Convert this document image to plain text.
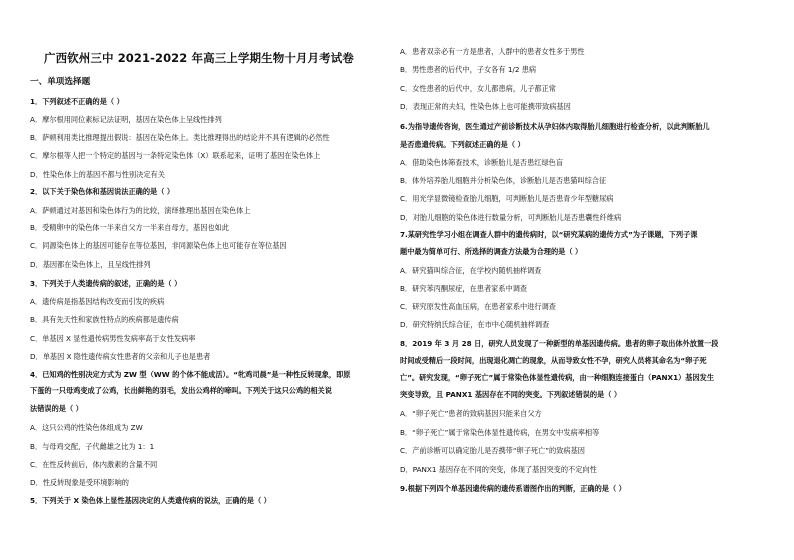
广西钦州三中 2021-2022 年高三上学期生物十月月考试卷
一、单项选择题
1．下列叙述不正确的是（ ）
A．摩尔根用同位素标记法证明，基因在染色体上呈线性排列
B．萨顿利用类比推理提出假说：基因在染色体上。类比推理得出的结论并不具有逻辑的必然性
C．摩尔根等人把一个特定的基因与一条特定染色体（X）联系起来，证明了基因在染色体上
D．性染色体上的基因不都与性别决定有关
2．以下关于染色体和基因说法正确的是（ ）
A．萨顿通过对基因和染色体行为的比较，演绎推理出基因在染色体上
B．受精卵中的染色体一半来自父方一半来自母方，基因也如此
C．同源染色体上的基因可能存在等位基因，非同源染色体上也可能存在等位基因
D．基因都在染色体上，且呈线性排列
3．下列关于人类遗传病的叙述，正确的是（ ）
A．遗传病是指基因结构改变而引发的疾病
B．具有先天性和家族性特点的疾病都是遗传病
C．单基因 X 显性遗传病男性发病率高于女性发病率
D．单基因 X 隐性遗传病女性患者的父亲和儿子也是患者
4．已知鸡的性别决定方式为 ZW 型（WW 的个体不能成活）。“牝鸡司晨”是一种性反转现象，即原
下蛋的一只母鸡变成了公鸡，长出鲜艳的羽毛，发出公鸡样的啼叫。下列关于这只公鸡的相关说
法错误的是（ ）
A．这只公鸡的性染色体组成为 ZW
B．与母鸡交配，子代雌雄之比为 1：1
C．在性反转前后，体内激素的含量不同
D．性反转现象是受环境影响的
5．下列关于 X 染色体上显性基因决定的人类遗传病的说法，正确的是（ ）
A．患者双亲必有一方是患者，人群中的患者女性多于男性
B．男性患者的后代中，子女各有 1/2 患病
C．女性患者的后代中，女儿都患病，儿子都正常
D．表现正常的夫妇，性染色体上也可能携带致病基因
6.为指导遗传咨询，医生通过产前诊断技术从孕妇体内取得胎儿细胞进行检查分析，以此判断胎儿
是否患遗传病。下列叙述正确的是（ ）
A．借助染色体筛查技术，诊断胎儿是否患红绿色盲
B．体外培养胎儿细胞并分析染色体，诊断胎儿是否患猫叫综合征
C．用光学显微镜检查胎儿细胞，可判断胎儿是否患青少年型糖尿病
D．对胎儿细胞的染色体进行数量分析，可判断胎儿是否患囊性纤维病
7.某研究性学习小组在调查人群中的遗传病时，以“研究某病的遗传方式”为子课题，下列子课
题中最为简单可行、所选择的调查方法最为合理的是（ ）
A．研究猫叫综合征，在学校内随机抽样调查
B．研究苯丙酮尿症，在患者家系中调查
C．研究原发性高血压病，在患者家系中进行调查
D．研究特纳氏综合征，在市中心随机抽样调查
8．2019 年 3 月 28 日，研究人员发现了一种新型的单基因遗传病。患者的卵子取出体外放置一段
时间或受精后一段时间，出现退化凋亡的现象，从而导致女性不孕，研究人员将其命名为“卵子死
亡”。研究发现，“卵子死亡”属于常染色体显性遗传病，由一种细胞连接蛋白（PANX1）基因发生
突变导致，且 PANX1 基因存在不同的突变。下列叙述错误的是（ ）
A．“卵子死亡”患者的致病基因只能来自父方
B．“卵子死亡”属于常染色体显性遗传病，在男女中发病率相等
C．产前诊断可以确定胎儿是否携带“卵子死亡”的致病基因
D．PANX1 基因存在不同的突变，体现了基因突变的不定向性
9.根据下列四个单基因遗传病的遗传系谱图作出的判断，正确的是（ ）
